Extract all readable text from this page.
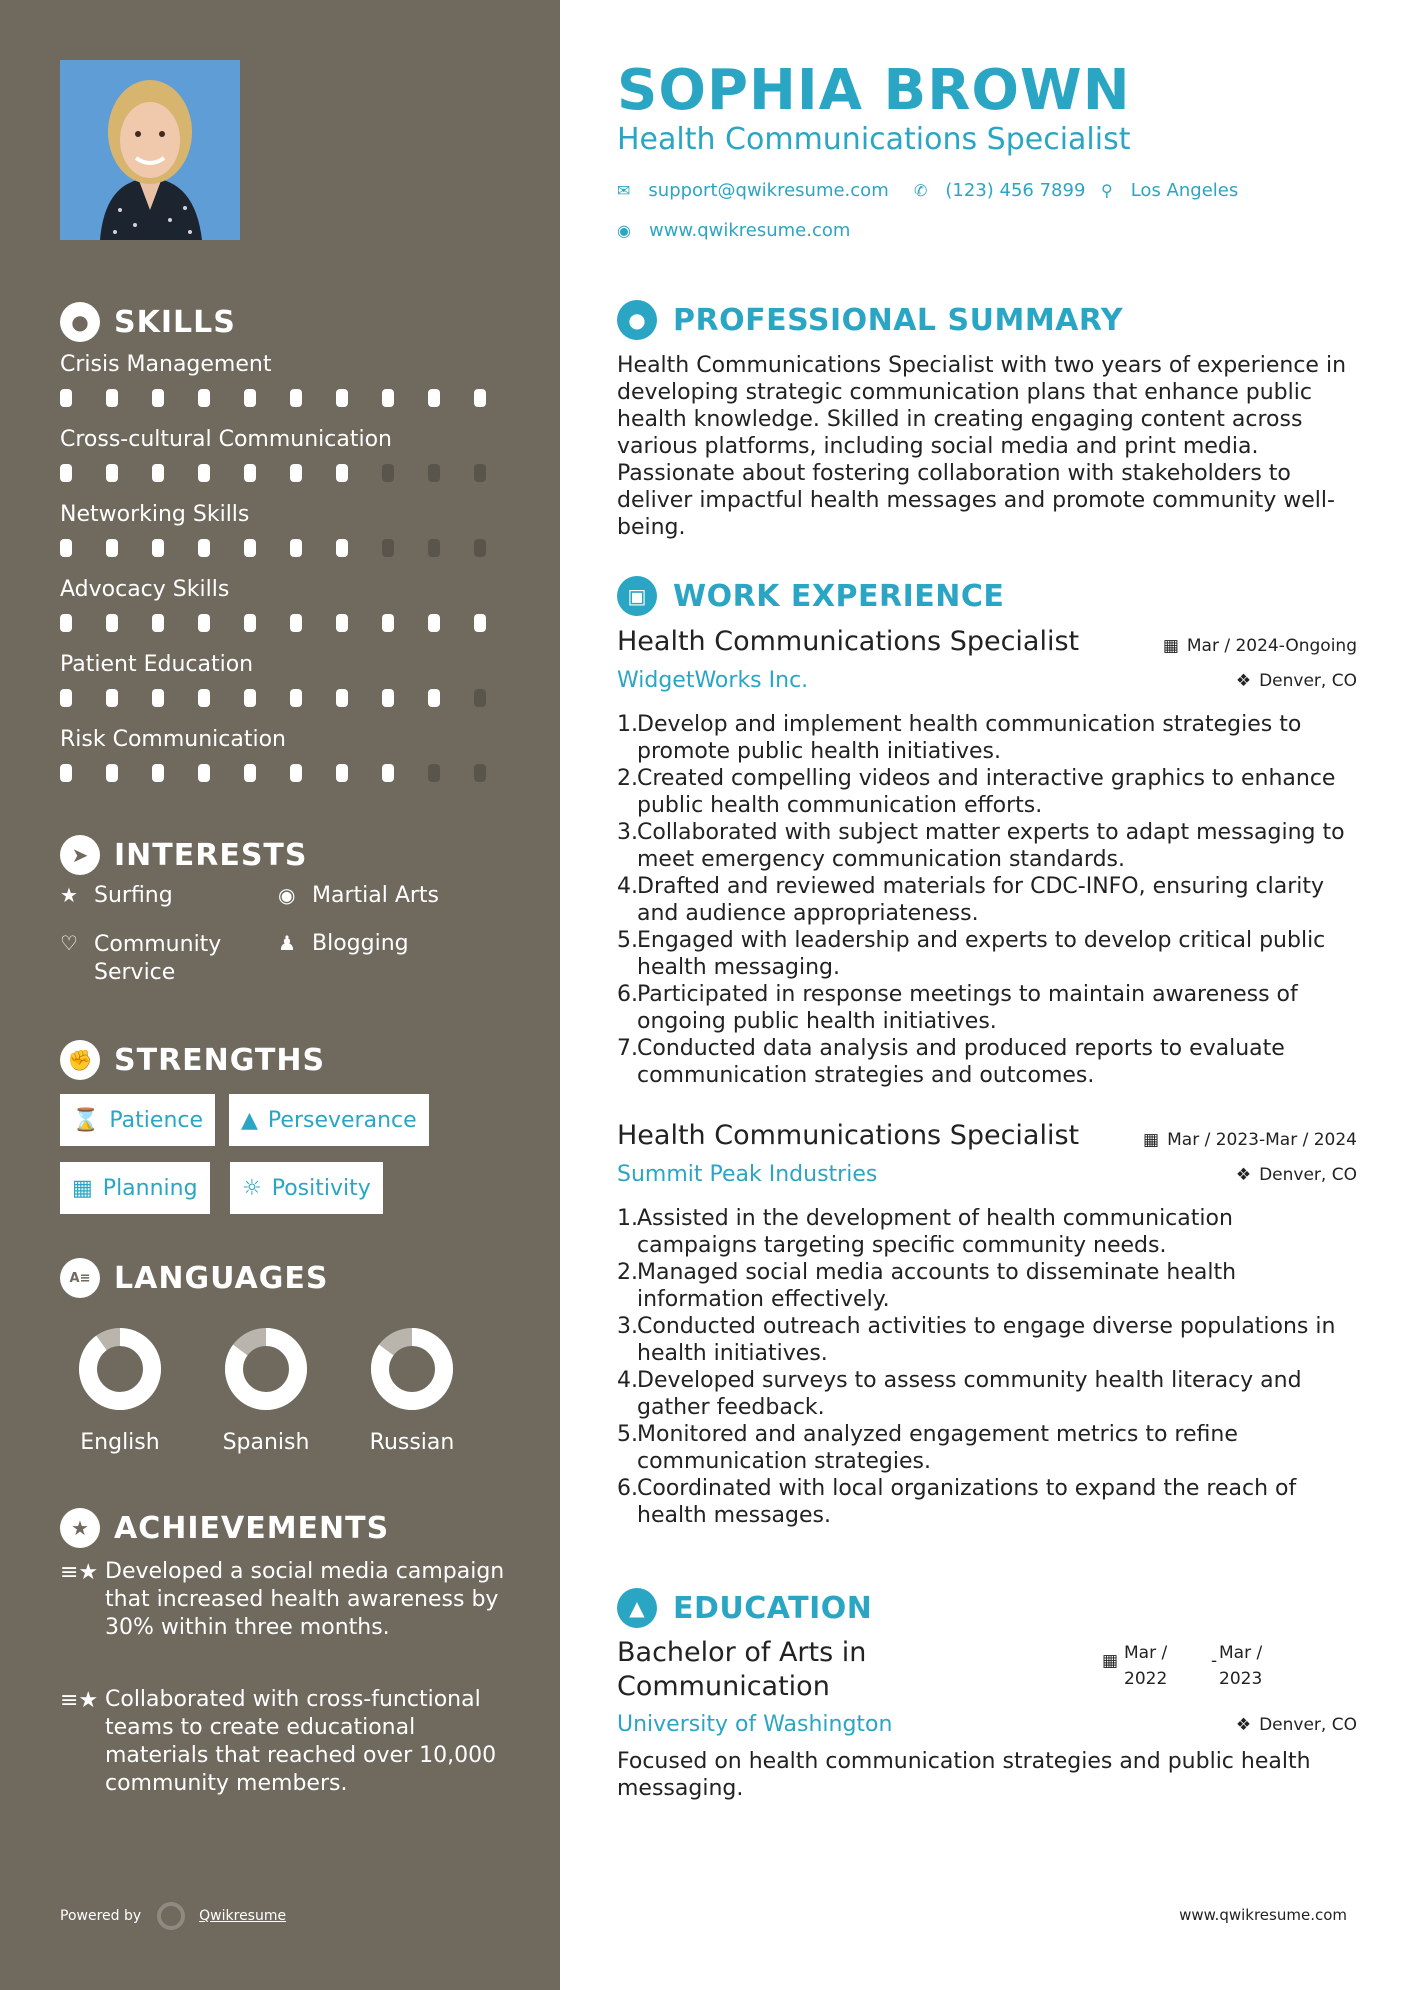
● SKILLS
Crisis Management
Cross-cultural Communication
Networking Skills
Advocacy Skills
Patient Education
Risk Communication
➤ INTERESTS
★ Surfing	◉ Martial Arts
♡ Community Service
♟ Blogging
✊ STRENGTHS
⌛ Patience ▲ Perseverance
▦ Planning ☼ Positivity
A≡ LANGUAGES
English	Spanish	Russian
★ ACHIEVEMENTS
≡★ Developed a social media campaign that increased health awareness by 30% within three months.
≡★ Collaborated with cross-functional teams to create educational materials that reached over 10,000 community members.
Powered by	Qwikresume
SOPHIA BROWN
Health Communications Specialist
✉ support@qwikresume.com ✆ (123) 456 7899 ⚲ Los Angeles
◉ www.qwikresume.com
● PROFESSIONAL SUMMARY
Health Communications Specialist with two years of experience in developing strategic communication plans that enhance public health knowledge. Skilled in creating engaging content across various platforms, including social media and print media. Passionate about fostering collaboration with stakeholders to deliver impactful health messages and promote community well-being.
▣ WORK EXPERIENCE
Health Communications Specialist	▦ Mar / 2024-Ongoing
WidgetWorks Inc.	❖ Denver, CO
1. Develop and implement health communication strategies to promote public health initiatives.
2. Created compelling videos and interactive graphics to enhance public health communication efforts.
3. Collaborated with subject matter experts to adapt messaging to meet emergency communication standards.
4. Drafted and reviewed materials for CDC-INFO, ensuring clarity and audience appropriateness.
5. Engaged with leadership and experts to develop critical public health messaging.
6. Participated in response meetings to maintain awareness of ongoing public health initiatives.
7. Conducted data analysis and produced reports to evaluate communication strategies and outcomes.
Health Communications Specialist	▦ Mar / 2023-Mar / 2024
Summit Peak Industries	❖ Denver, CO
1. Assisted in the development of health communication campaigns targeting specific community needs.
2. Managed social media accounts to disseminate health information effectively.
3. Conducted outreach activities to engage diverse populations in health initiatives.
4. Developed surveys to assess community health literacy and gather feedback.
5. Monitored and analyzed engagement metrics to refine communication strategies.
6. Coordinated with local organizations to expand the reach of health messages.
▲ EDUCATION
Bachelor of Arts in Communication
▦ Mar /
2022
- Mar /
2023
University of Washington	❖ Denver, CO
Focused on health communication strategies and public health messaging.
www.qwikresume.com
